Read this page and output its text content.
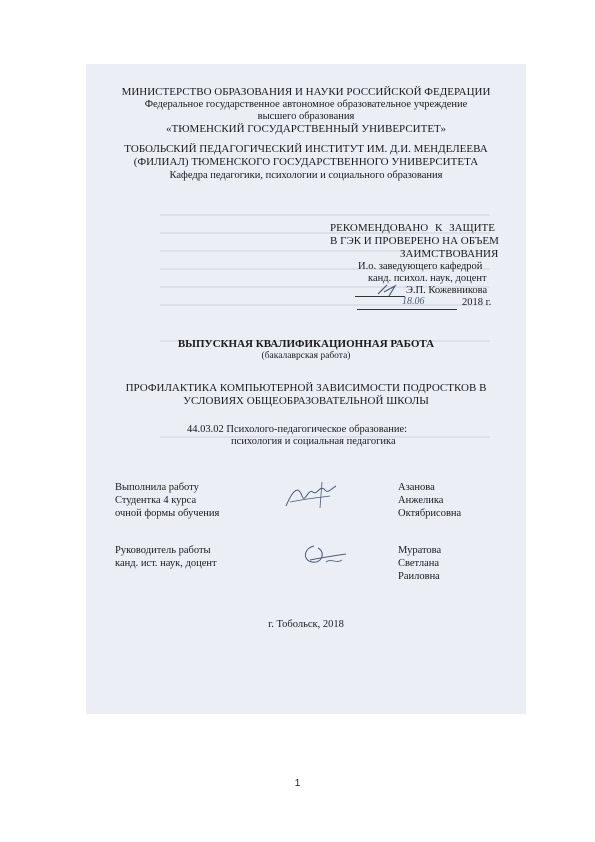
МИНИСТЕРСТВО ОБРАЗОВАНИЯ И НАУКИ РОССИЙСКОЙ ФЕДЕРАЦИИ
Федеральное государственное автономное образовательное учреждение
высшего образования
«ТЮМЕНСКИЙ ГОСУДАРСТВЕННЫЙ УНИВЕРСИТЕТ»
ТОБОЛЬСКИЙ ПЕДАГОГИЧЕСКИЙ ИНСТИТУТ ИМ. Д.И. МЕНДЕЛЕЕВА
(ФИЛИАЛ) ТЮМЕНСКОГО ГОСУДАРСТВЕННОГО УНИВЕРСИТЕТА
Кафедра педагогики, психологии и социального образования
РЕКОМЕНДОВАНО К ЗАЩИТЕ
В ГЭК И ПРОВЕРЕНО НА ОБЪЕМ
ЗАИМСТВОВАНИЯ
И.о. заведующего кафедрой
канд. психол. наук, доцент
Э.П. Кожевникова
18.06	2018 г.
ВЫПУСКНАЯ КВАЛИФИКАЦИОННАЯ РАБОТА
(бакалаврская работа)
ПРОФИЛАКТИКА КОМПЬЮТЕРНОЙ ЗАВИСИМОСТИ ПОДРОСТКОВ В
УСЛОВИЯХ ОБЩЕОБРАЗОВАТЕЛЬНОЙ ШКОЛЫ
44.03.02 Психолого-педагогическое образование:
психология и социальная педагогика
Выполнила работу
Студентка 4 курса
очной формы обучения
Азанова
Анжелика
Октябрисовна
Руководитель работы
канд. ист. наук, доцент
Муратова
Светлана
Раиловна
г. Тобольск, 2018
1
